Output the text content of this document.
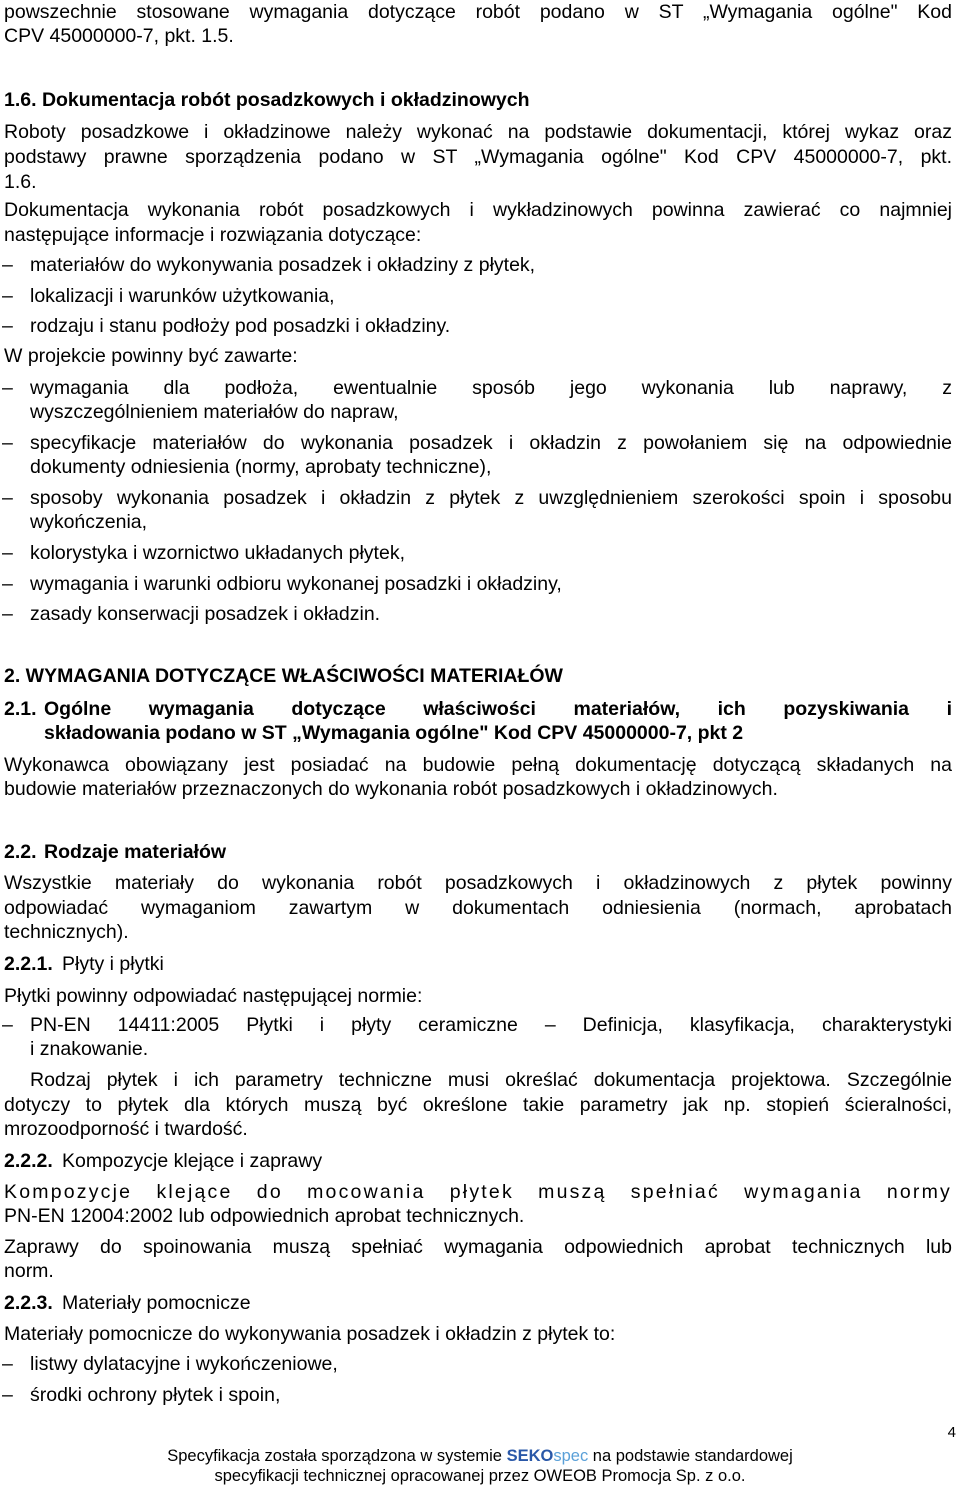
powszechnie stosowane wymagania dotyczące robót podano w ST „Wymagania ogólne" Kod
CPV 45000000-7, pkt. 1.5.
1.6. Dokumentacja robót posadzkowych i okładzinowych
Roboty posadzkowe i okładzinowe należy wykonać na podstawie dokumentacji, której wykaz oraz
podstawy prawne sporządzenia podano w ST „Wymagania ogólne" Kod CPV 45000000-7, pkt.
1.6.
Dokumentacja wykonania robót posadzkowych i wykładzinowych powinna zawierać co najmniej
następujące informacje i rozwiązania dotyczące:
– materiałów do wykonywania posadzek i okładziny z płytek,
– lokalizacji i warunków użytkowania,
– rodzaju i stanu podłoży pod posadzki i okładziny.
W projekcie powinny być zawarte:
– wymagania dla podłoża, ewentualnie sposób jego wykonania lub naprawy, z
wyszczególnieniem materiałów do napraw,
– specyfikacje materiałów do wykonania posadzek i okładzin z powołaniem się na odpowiednie
dokumenty odniesienia (normy, aprobaty techniczne),
– sposoby wykonania posadzek i okładzin z płytek z uwzględnieniem szerokości spoin i sposobu
wykończenia,
– kolorystyka i wzornictwo układanych płytek,
– wymagania i warunki odbioru wykonanej posadzki i okładziny,
– zasady konserwacji posadzek i okładzin.
2. WYMAGANIA DOTYCZĄCE WŁAŚCIWOŚCI MATERIAŁÓW
2.1. Ogólne wymagania dotyczące właściwości materiałów, ich pozyskiwania i
składowania podano w ST „Wymagania ogólne" Kod CPV 45000000-7, pkt 2
Wykonawca obowiązany jest posiadać na budowie pełną dokumentację dotyczącą składanych na
budowie materiałów przeznaczonych do wykonania robót posadzkowych i okładzinowych.
2.2. Rodzaje materiałów
Wszystkie materiały do wykonania robót posadzkowych i okładzinowych z płytek powinny
odpowiadać wymaganiom zawartym w dokumentach odniesienia (normach, aprobatach
technicznych).
2.2.1. Płyty i płytki
Płytki powinny odpowiadać następującej normie:
– PN-EN 14411:2005 Płytki i płyty ceramiczne – Definicja, klasyfikacja, charakterystyki
i znakowanie.
Rodzaj płytek i ich parametry techniczne musi określać dokumentacja projektowa. Szczególnie
dotyczy to płytek dla których muszą być określone takie parametry jak np. stopień ścieralności,
mrozoodporność i twardość.
2.2.2. Kompozycje klejące i zaprawy
Kompozycje klejące do mocowania płytek muszą spełniać wymagania normy
PN-EN 12004:2002 lub odpowiednich aprobat technicznych.
Zaprawy do spoinowania muszą spełniać wymagania odpowiednich aprobat technicznych lub
norm.
2.2.3. Materiały pomocnicze
Materiały pomocnicze do wykonywania posadzek i okładzin z płytek to:
– listwy dylatacyjne i wykończeniowe,
– środki ochrony płytek i spoin,
4
Specyfikacja została sporządzona w systemie SEKOspec na podstawie standardowej
specyfikacji technicznej opracowanej przez OWEOB Promocja Sp. z o.o.
